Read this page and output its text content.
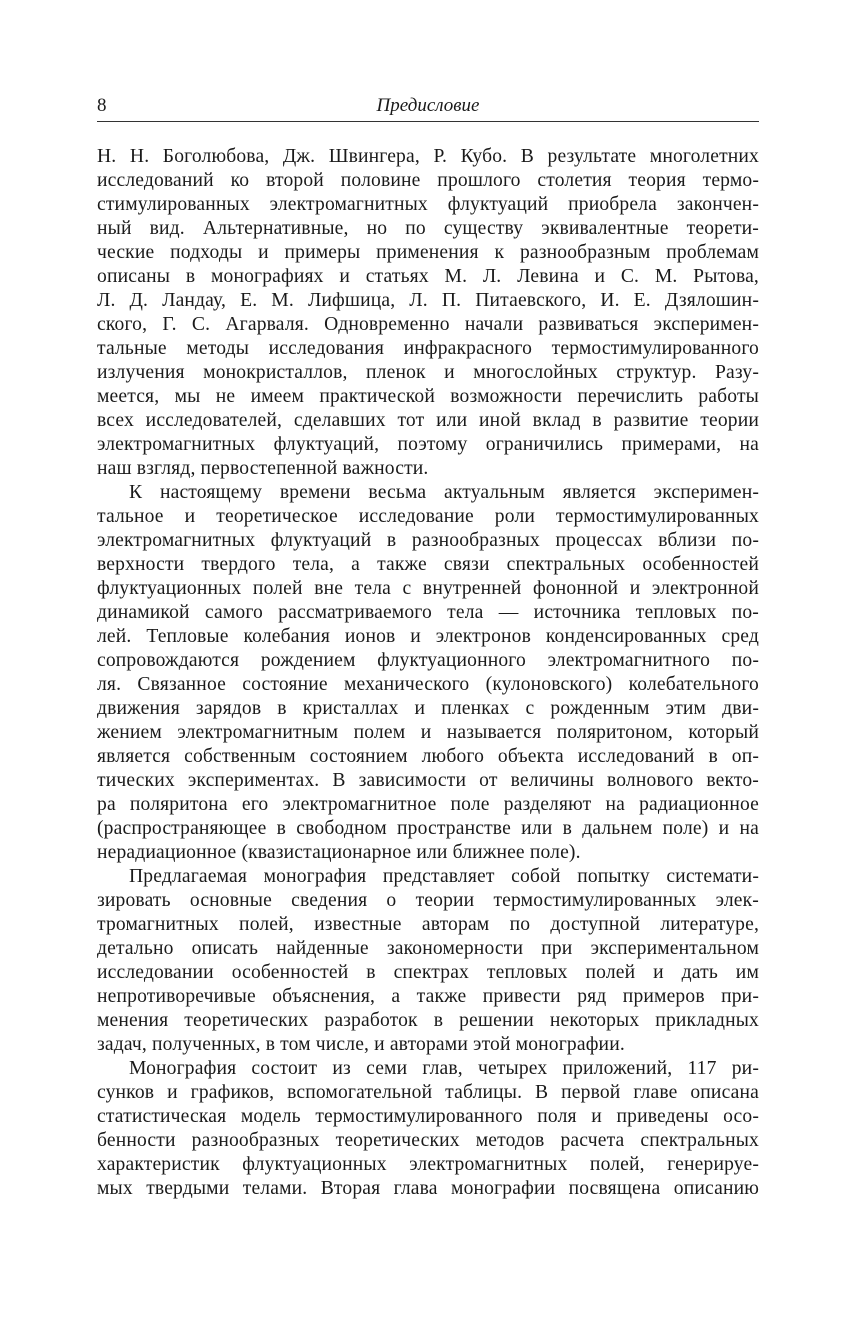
8	Предисловие
Н. Н. Боголюбова, Дж. Швингера, Р. Кубо. В результате многолетних
исследований ко второй половине прошлого столетия теория термо-
стимулированных электромагнитных флуктуаций приобрела закончен-
ный вид. Альтернативные, но по существу эквивалентные теорети-
ческие подходы и примеры применения к разнообразным проблемам
описаны в монографиях и статьях М. Л. Левина и С. М. Рытова,
Л. Д. Ландау, Е. М. Лифшица, Л. П. Питаевского, И. Е. Дзялошин-
ского, Г. С. Агарваля. Одновременно начали развиваться эксперимен-
тальные методы исследования инфракрасного термостимулированного
излучения монокристаллов, пленок и многослойных структур. Разу-
меется, мы не имеем практической возможности перечислить работы
всех исследователей, сделавших тот или иной вклад в развитие теории
электромагнитных флуктуаций, поэтому ограничились примерами, на
наш взгляд, первостепенной важности.
К настоящему времени весьма актуальным является эксперимен-
тальное и теоретическое исследование роли термостимулированных
электромагнитных флуктуаций в разнообразных процессах вблизи по-
верхности твердого тела, а также связи спектральных особенностей
флуктуационных полей вне тела с внутренней фононной и электронной
динамикой самого рассматриваемого тела — источника тепловых по-
лей. Тепловые колебания ионов и электронов конденсированных сред
сопровождаются рождением флуктуационного электромагнитного по-
ля. Связанное состояние механического (кулоновского) колебательного
движения зарядов в кристаллах и пленках с рожденным этим дви-
жением электромагнитным полем и называется поляритоном, который
является собственным состоянием любого объекта исследований в оп-
тических экспериментах. В зависимости от величины волнового векто-
ра поляритона его электромагнитное поле разделяют на радиационное
(распространяющее в свободном пространстве или в дальнем поле) и на
нерадиационное (квазистационарное или ближнее поле).
Предлагаемая монография представляет собой попытку системати-
зировать основные сведения о теории термостимулированных элек-
тромагнитных полей, известные авторам по доступной литературе,
детально описать найденные закономерности при экспериментальном
исследовании особенностей в спектрах тепловых полей и дать им
непротиворечивые объяснения, а также привести ряд примеров при-
менения теоретических разработок в решении некоторых прикладных
задач, полученных, в том числе, и авторами этой монографии.
Монография состоит из семи глав, четырех приложений, 117 ри-
сунков и графиков, вспомогательной таблицы. В первой главе описана
статистическая модель термостимулированного поля и приведены осо-
бенности разнообразных теоретических методов расчета спектральных
характеристик флуктуационных электромагнитных полей, генерируе-
мых твердыми телами. Вторая глава монографии посвящена описанию
